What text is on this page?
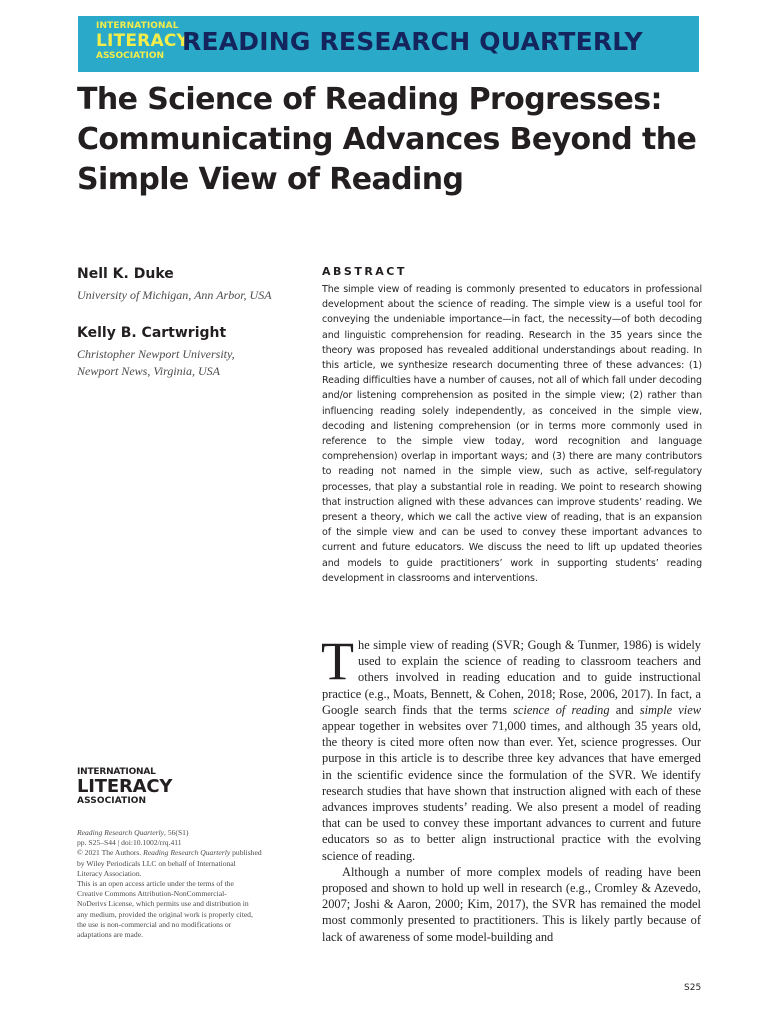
INTERNATIONAL
LITERACY
ASSOCIATION READING RESEARCH QUARTERLY
The Science of Reading Progresses: Communicating Advances Beyond the Simple View of Reading
Nell K. Duke
University of Michigan, Ann Arbor, USA
Kelly B. Cartwright
Christopher Newport University,
Newport News, Virginia, USA
ABSTRACT
The simple view of reading is commonly presented to educators in professional development about the science of reading. The simple view is a useful tool for conveying the undeniable importance—in fact, the necessity—of both decoding and linguistic comprehension for reading. Research in the 35 years since the theory was proposed has revealed additional understandings about reading. In this article, we synthesize research documenting three of these advances: (1) Reading difficulties have a number of causes, not all of which fall under decoding and/or listening comprehension as posited in the simple view; (2) rather than influencing reading solely independently, as conceived in the simple view, decoding and listening comprehension (or in terms more commonly used in reference to the simple view today, word recognition and language comprehension) overlap in important ways; and (3) there are many contributors to reading not named in the simple view, such as active, self-regulatory processes, that play a substantial role in reading. We point to research showing that instruction aligned with these advances can improve students’ reading. We present a theory, which we call the active view of reading, that is an expansion of the simple view and can be used to convey these important advances to current and future educators. We discuss the need to lift up updated theories and models to guide practitioners’ work in supporting students’ reading development in classrooms and interventions.
INTERNATIONAL
LITERACY
ASSOCIATION
Reading Research Quarterly, 56(S1)
pp. S25–S44 | doi:10.1002/rrq.411
© 2021 The Authors. Reading Research Quarterly published
by Wiley Periodicals LLC on behalf of International
Literacy Association.
This is an open access article under the terms of the
Creative Commons Attribution-NonCommercial-
NoDerivs License, which permits use and distribution in
any medium, provided the original work is properly cited,
the use is non-commercial and no modifications or
adaptations are made.

The simple view of reading (SVR; Gough & Tunmer, 1986) is widely used to explain the science of reading to classroom teachers and others involved in reading education and to guide instructional practice (e.g., Moats, Bennett, & Cohen, 2018; Rose, 2006, 2017). In fact, a Google search finds that the terms science of reading and simple view appear together in websites over 71,000 times, and although 35 years old, the theory is cited more often now than ever. Yet, science progresses. Our purpose in this article is to describe three key advances that have emerged in the scientific evidence since the formulation of the SVR. We identify research studies that have shown that instruction aligned with each of these advances improves students’ reading. We also present a model of reading that can be used to convey these important advances to current and future educators so as to better align instructional practice with the evolving science of reading.

Although a number of more complex models of reading have been proposed and shown to hold up well in research (e.g., Cromley & Azevedo, 2007; Joshi & Aaron, 2000; Kim, 2017), the SVR has remained the model most commonly presented to practitioners. This is likely partly because of lack of awareness of some model-building and

S25
